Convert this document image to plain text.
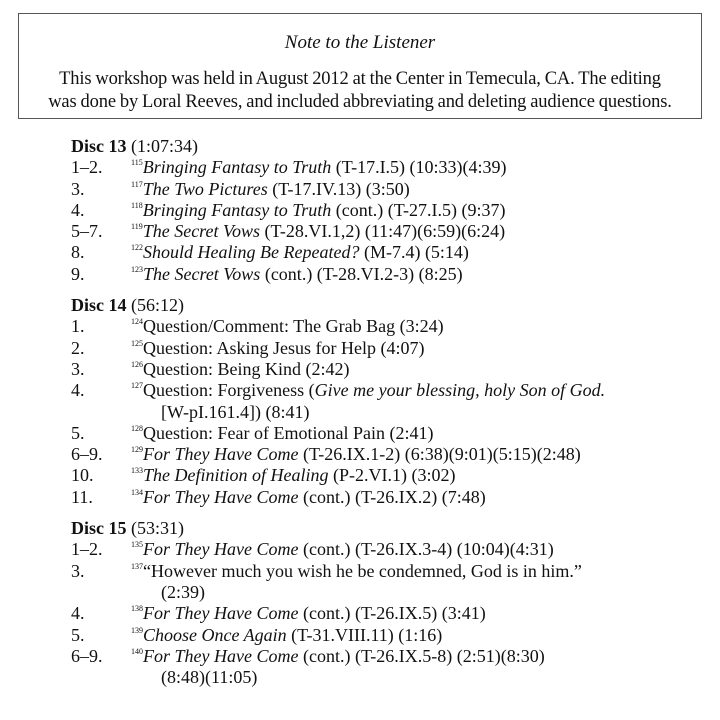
Note to the Listener
This workshop was held in August 2012 at the Center in Temecula, CA. The editing
was done by Loral Reeves, and included abbreviating and deleting audience questions.
Disc 13 (1:07:34)
1–2.	$^{115}$Bringing Fantasy to Truth (T-17.I.5) (10:33)(4:39)
3.	$^{117}$The Two Pictures (T-17.IV.13) (3:50)
4.	$^{118}$Bringing Fantasy to Truth (cont.) (T-27.I.5) (9:37)
5–7.	$^{119}$The Secret Vows (T-28.VI.1,2) (11:47)(6:59)(6:24)
8.	$^{122}$Should Healing Be Repeated? (M-7.4) (5:14)
9.	$^{123}$The Secret Vows (cont.) (T-28.VI.2-3) (8:25)
Disc 14 (56:12)
1.	$^{124}$Question/Comment: The Grab Bag (3:24)
2.	$^{125}$Question: Asking Jesus for Help (4:07)
3.	$^{126}$Question: Being Kind (2:42)
4.	$^{127}$Question: Forgiveness (Give me your blessing, holy Son of God.
[W-pI.161.4]) (8:41)
5.	$^{128}$Question: Fear of Emotional Pain (2:41)
6–9.	$^{129}$For They Have Come (T-26.IX.1-2) (6:38)(9:01)(5:15)(2:48)
10.	$^{133}$The Definition of Healing (P-2.VI.1) (3:02)
11.	$^{134}$For They Have Come (cont.) (T-26.IX.2) (7:48)
Disc 15 (53:31)
1–2.	$^{135}$For They Have Come (cont.) (T-26.IX.3-4) (10:04)(4:31)
3.	$^{137}$“However much you wish he be condemned, God is in him.”
(2:39)
4.	$^{138}$For They Have Come (cont.) (T-26.IX.5) (3:41)
5.	$^{139}$Choose Once Again (T-31.VIII.11) (1:16)
6–9.	$^{140}$For They Have Come (cont.) (T-26.IX.5-8) (2:51)(8:30)
(8:48)(11:05)
